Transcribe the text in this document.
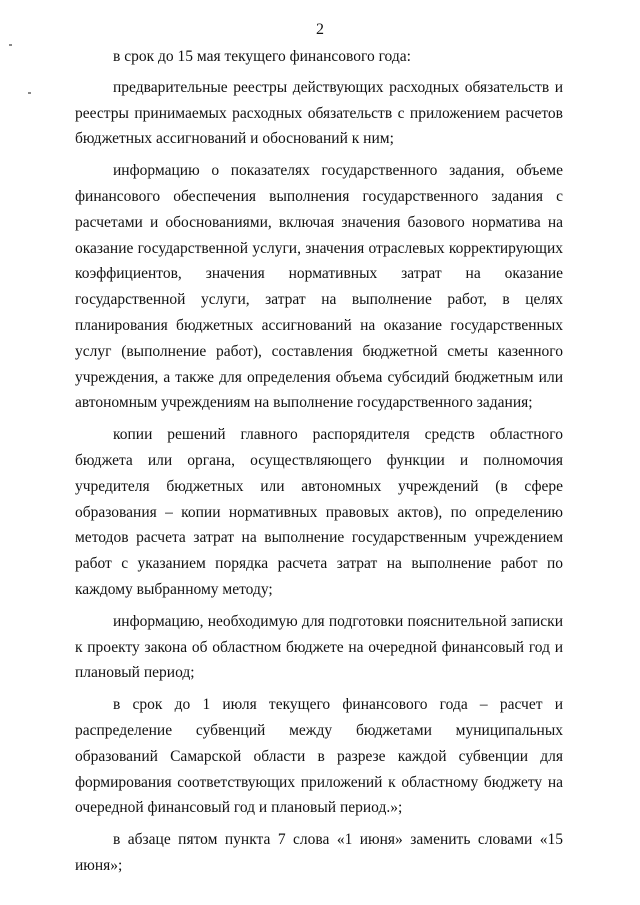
2

в срок до 15 мая текущего финансового года:

предварительные реестры действующих расходных обязательств и реестры принимаемых расходных обязательств с приложением расчетов бюджетных ассигнований и обоснований к ним;

информацию о показателях государственного задания, объеме финансового обеспечения выполнения государственного задания с расчетами и обоснованиями, включая значения базового норматива на оказание государственной услуги, значения отраслевых корректирующих коэффициентов, значения нормативных затрат на оказание государственной услуги, затрат на выполнение работ, в целях планирования бюджетных ассигнований на оказание государственных услуг (выполнение работ), составления бюджетной сметы казенного учреждения, а также для определения объема субсидий бюджетным или автономным учреждениям на выполнение государственного задания;

копии решений главного распорядителя средств областного бюджета или органа, осуществляющего функции и полномочия учредителя бюджетных или автономных учреждений (в сфере образования – копии нормативных правовых актов), по определению методов расчета затрат на выполнение государственным учреждением работ с указанием порядка расчета затрат на выполнение работ по каждому выбранному методу;

информацию, необходимую для подготовки пояснительной записки к проекту закона об областном бюджете на очередной финансовый год и плановый период;

в срок до 1 июля текущего финансового года – расчет и распределение субвенций между бюджетами муниципальных образований Самарской области в разрезе каждой субвенции для формирования соответствующих приложений к областному бюджету на очередной финансовый год и плановый период.»;

в абзаце пятом пункта 7 слова «1 июня» заменить словами «15 июня»;
